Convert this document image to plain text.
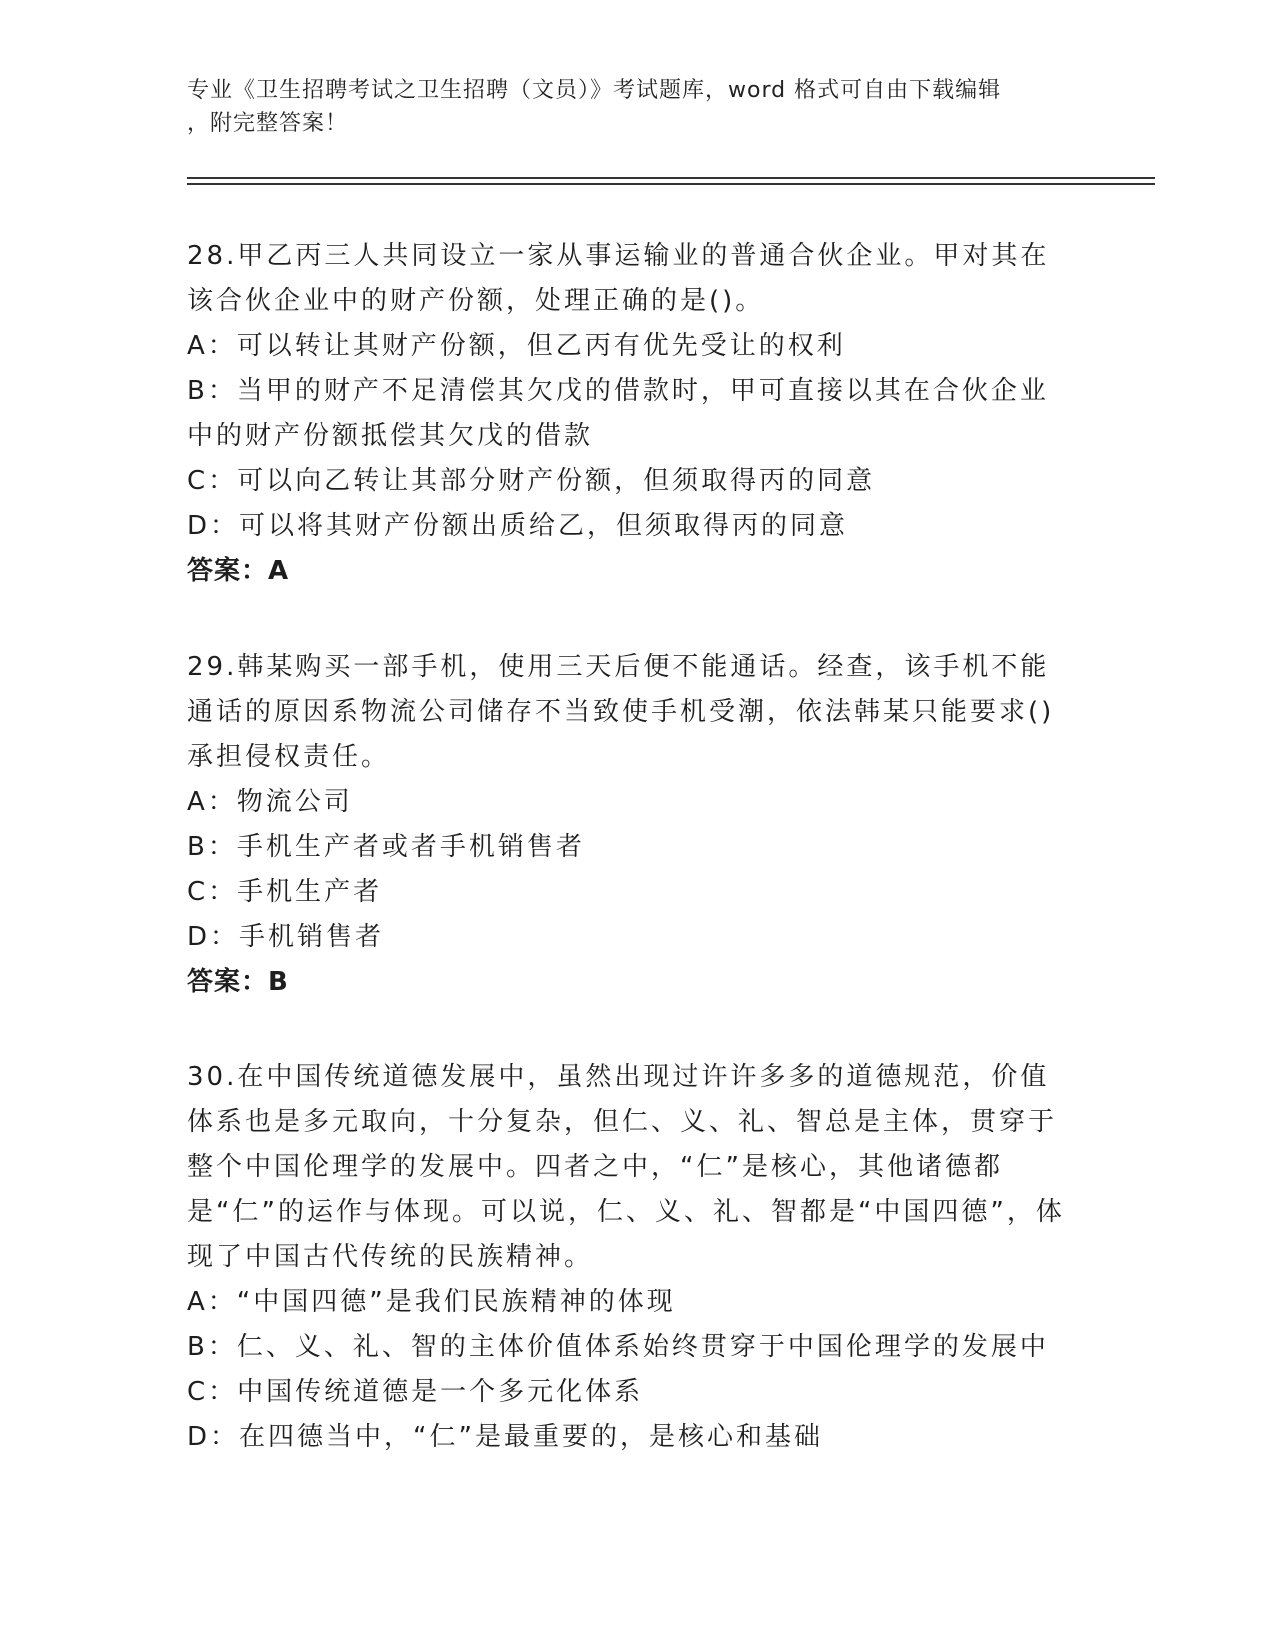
专业《卫生招聘考试之卫生招聘（文员）》考试题库，word 格式可自由下载编辑
，附完整答案！

28.甲乙丙三人共同设立一家从事运输业的普通合伙企业。甲对其在该合伙企业中的财产份额，处理正确的是()。

A：可以转让其财产份额，但乙丙有优先受让的权利

B：当甲的财产不足清偿其欠戊的借款时，甲可直接以其在合伙企业中的财产份额抵偿其欠戊的借款

C：可以向乙转让其部分财产份额，但须取得丙的同意

D：可以将其财产份额出质给乙，但须取得丙的同意

答案：A

29.韩某购买一部手机，使用三天后便不能通话。经查，该手机不能通话的原因系物流公司储存不当致使手机受潮，依法韩某只能要求()承担侵权责任。

A：物流公司

B：手机生产者或者手机销售者

C：手机生产者

D：手机销售者

答案：B

30.在中国传统道德发展中，虽然出现过许许多多的道德规范，价值体系也是多元取向，十分复杂，但仁、义、礼、智总是主体，贯穿于整个中国伦理学的发展中。四者之中，“仁”是核心，其他诸德都是“仁”的运作与体现。可以说，仁、义、礼、智都是“中国四德”，体现了中国古代传统的民族精神。

A：“中国四德”是我们民族精神的体现

B：仁、义、礼、智的主体价值体系始终贯穿于中国伦理学的发展中

C：中国传统道德是一个多元化体系

D：在四德当中，“仁”是最重要的，是核心和基础
